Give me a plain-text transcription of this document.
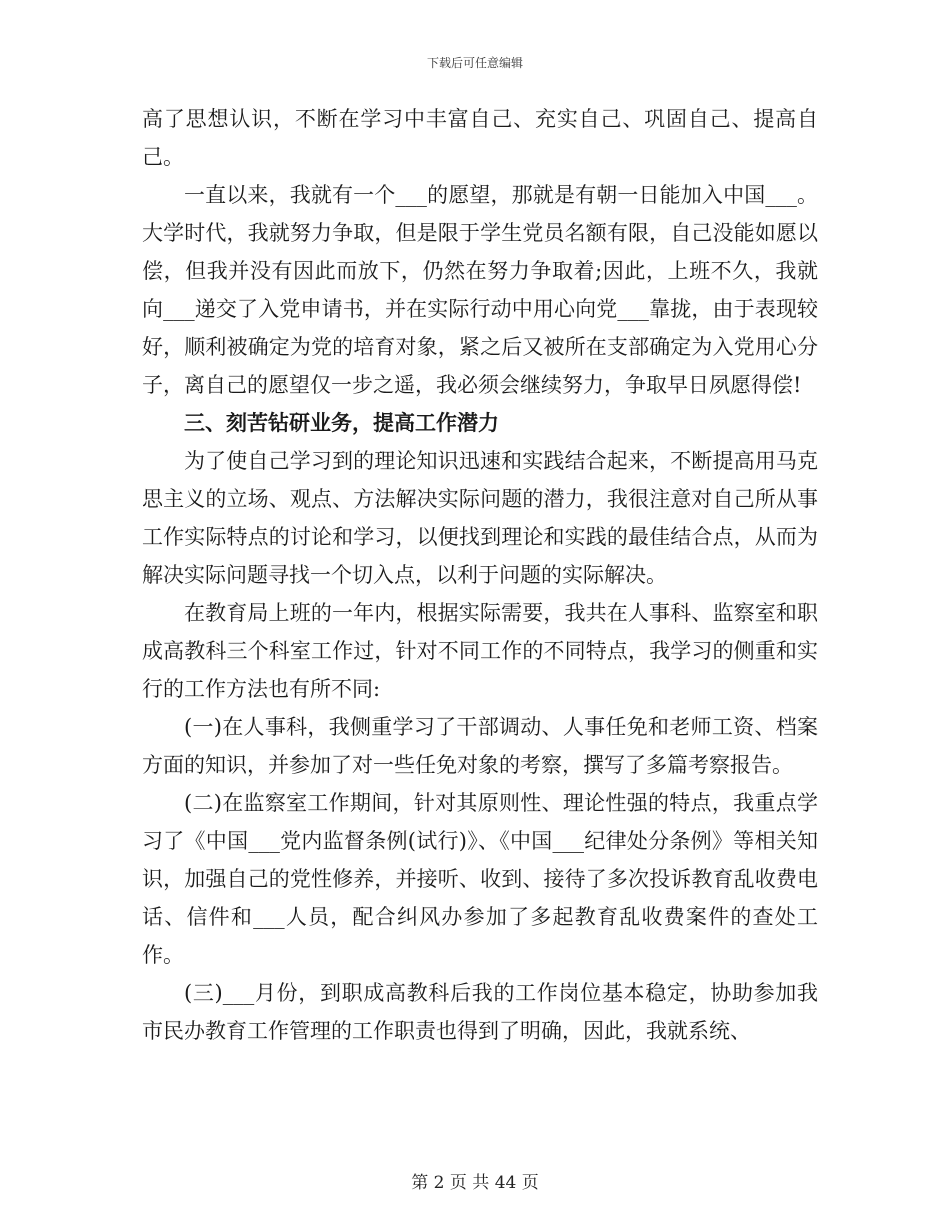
下载后可任意编辑

高了思想认识，不断在学习中丰富自己、充实自己、巩固自己、提高自己。

一直以来，我就有一个___的愿望，那就是有朝一日能加入中国___。大学时代，我就努力争取，但是限于学生党员名额有限，自己没能如愿以偿，但我并没有因此而放下，仍然在努力争取着;因此，上班不久，我就向___递交了入党申请书，并在实际行动中用心向党___靠拢，由于表现较好，顺利被确定为党的培育对象，紧之后又被所在支部确定为入党用心分子，离自己的愿望仅一步之遥，我必须会继续努力，争取早日夙愿得偿!

三、刻苦钻研业务，提高工作潜力

为了使自己学习到的理论知识迅速和实践结合起来，不断提高用马克思主义的立场、观点、方法解决实际问题的潜力，我很注意对自己所从事工作实际特点的讨论和学习，以便找到理论和实践的最佳结合点，从而为解决实际问题寻找一个切入点，以利于问题的实际解决。

在教育局上班的一年内，根据实际需要，我共在人事科、监察室和职成高教科三个科室工作过，针对不同工作的不同特点，我学习的侧重和实行的工作方法也有所不同:

(一)在人事科，我侧重学习了干部调动、人事任免和老师工资、档案方面的知识，并参加了对一些任免对象的考察，撰写了多篇考察报告。

(二)在监察室工作期间，针对其原则性、理论性强的特点，我重点学习了《中国___党内监督条例(试行)》、《中国___纪律处分条例》等相关知识，加强自己的党性修养，并接听、收到、接待了多次投诉教育乱收费电话、信件和___人员，配合纠风办参加了多起教育乱收费案件的查处工作。

(三)___月份，到职成高教科后我的工作岗位基本稳定，协助参加我市民办教育工作管理的工作职责也得到了明确，因此，我就系统、

第 2 页 共 44 页
